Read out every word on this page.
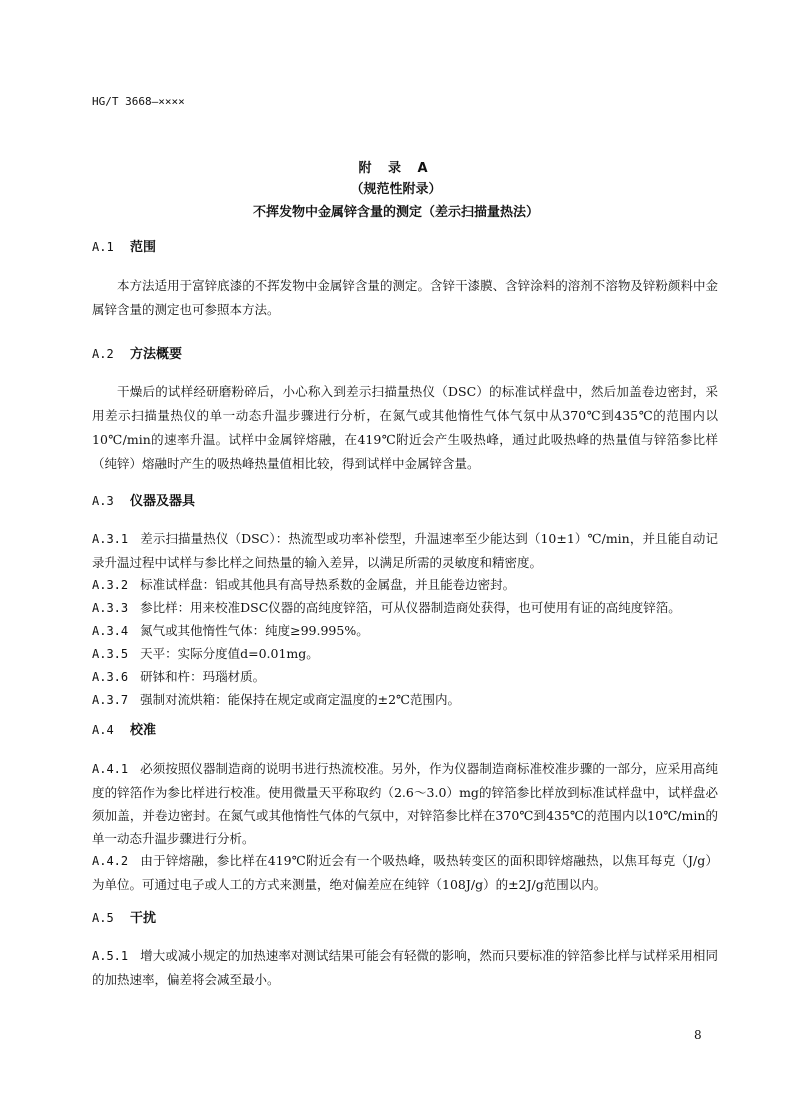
HG/T 3668—××××
附 录 A
（规范性附录）
不挥发物中金属锌含量的测定（差示扫描量热法）
A.1 范围
本方法适用于富锌底漆的不挥发物中金属锌含量的测定。含锌干漆膜、含锌涂料的溶剂不溶物及锌粉颜料中金属锌含量的测定也可参照本方法。
A.2 方法概要
干燥后的试样经研磨粉碎后，小心称入到差示扫描量热仪（DSC）的标准试样盘中，然后加盖卷边密封，采用差示扫描量热仪的单一动态升温步骤进行分析，在氮气或其他惰性气体气氛中从370℃到435℃的范围内以10℃/min的速率升温。试样中金属锌熔融，在419℃附近会产生吸热峰，通过此吸热峰的热量值与锌箔参比样（纯锌）熔融时产生的吸热峰热量值相比较，得到试样中金属锌含量。
A.3 仪器及器具
A.3.1 差示扫描量热仪（DSC）：热流型或功率补偿型，升温速率至少能达到（10±1）℃/min，并且能自动记录升温过程中试样与参比样之间热量的输入差异，以满足所需的灵敏度和精密度。
A.3.2 标准试样盘：铝或其他具有高导热系数的金属盘，并且能卷边密封。
A.3.3 参比样：用来校准DSC仪器的高纯度锌箔，可从仪器制造商处获得，也可使用有证的高纯度锌箔。
A.3.4 氮气或其他惰性气体：纯度≥99.995%。
A.3.5 天平：实际分度值d=0.01mg。
A.3.6 研钵和杵：玛瑙材质。
A.3.7 强制对流烘箱：能保持在规定或商定温度的±2℃范围内。
A.4 校准
A.4.1 必须按照仪器制造商的说明书进行热流校准。另外，作为仪器制造商标准校准步骤的一部分，应采用高纯度的锌箔作为参比样进行校准。使用微量天平称取约（2.6～3.0）mg的锌箔参比样放到标准试样盘中，试样盘必须加盖，并卷边密封。在氮气或其他惰性气体的气氛中，对锌箔参比样在370℃到435℃的范围内以10℃/min的单一动态升温步骤进行分析。
A.4.2 由于锌熔融，参比样在419℃附近会有一个吸热峰，吸热转变区的面积即锌熔融热，以焦耳每克（J/g）为单位。可通过电子或人工的方式来测量，绝对偏差应在纯锌（108J/g）的±2J/g范围以内。
A.5 干扰
A.5.1 增大或减小规定的加热速率对测试结果可能会有轻微的影响，然而只要标准的锌箔参比样与试样采用相同的加热速率，偏差将会减至最小。
8
